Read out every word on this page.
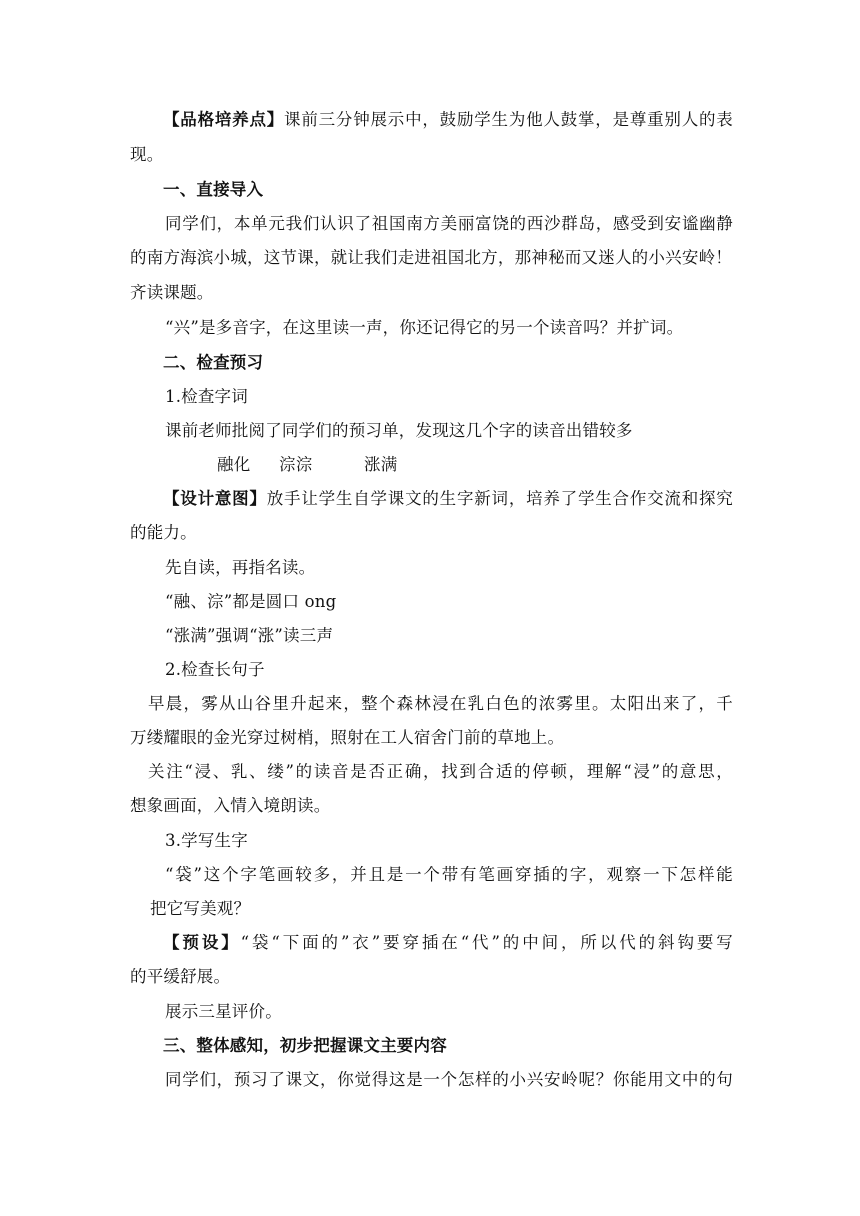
【品格培养点】课前三分钟展示中，鼓励学生为他人鼓掌，是尊重别人的表
现。
一、直接导入
同学们，本单元我们认识了祖国南方美丽富饶的西沙群岛，感受到安谧幽静
的南方海滨小城，这节课，就让我们走进祖国北方，那神秘而又迷人的小兴安岭！
齐读课题。
“兴”是多音字，在这里读一声，你还记得它的另一个读音吗？并扩词。
二、检查预习
1.检查字词
课前老师批阅了同学们的预习单，发现这几个字的读音出错较多
融化 淙淙	涨满
【设计意图】放手让学生自学课文的生字新词，培养了学生合作交流和探究
的能力。
先自读，再指名读。
“融、淙”都是圆口 ong
“涨满”强调“涨”读三声
2.检查长句子
早晨，雾从山谷里升起来，整个森林浸在乳白色的浓雾里。太阳出来了，千
万缕耀眼的金光穿过树梢，照射在工人宿舍门前的草地上。
关注“浸、乳、缕”的读音是否正确，找到合适的停顿，理解“浸”的意思，
想象画面，入情入境朗读。
3.学写生字
“袋”这个字笔画较多，并且是一个带有笔画穿插的字，观察一下怎样能
把它写美观？
【预设】“袋“下面的”衣”要穿插在“代”的中间，所以代的斜钩要写
的平缓舒展。
展示三星评价。
三、整体感知，初步把握课文主要内容
同学们，预习了课文，你觉得这是一个怎样的小兴安岭呢？你能用文中的句
